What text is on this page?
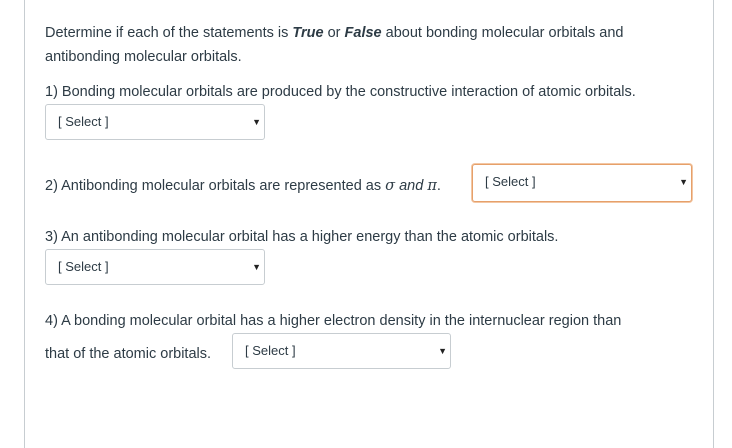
Determine if each of the statements is True or False about bonding molecular orbitals and antibonding molecular orbitals.
1) Bonding molecular orbitals are produced by the constructive interaction of atomic orbitals.
[ Select ]	▼
2) Antibonding molecular orbitals are represented as σ and π.	[ Select ]	▼
3) An antibonding molecular orbital has a higher energy than the atomic orbitals.
[ Select ]	▼
4) A bonding molecular orbital has a higher electron density in the internuclear region than
that of the atomic orbitals.	[ Select ]	▼
